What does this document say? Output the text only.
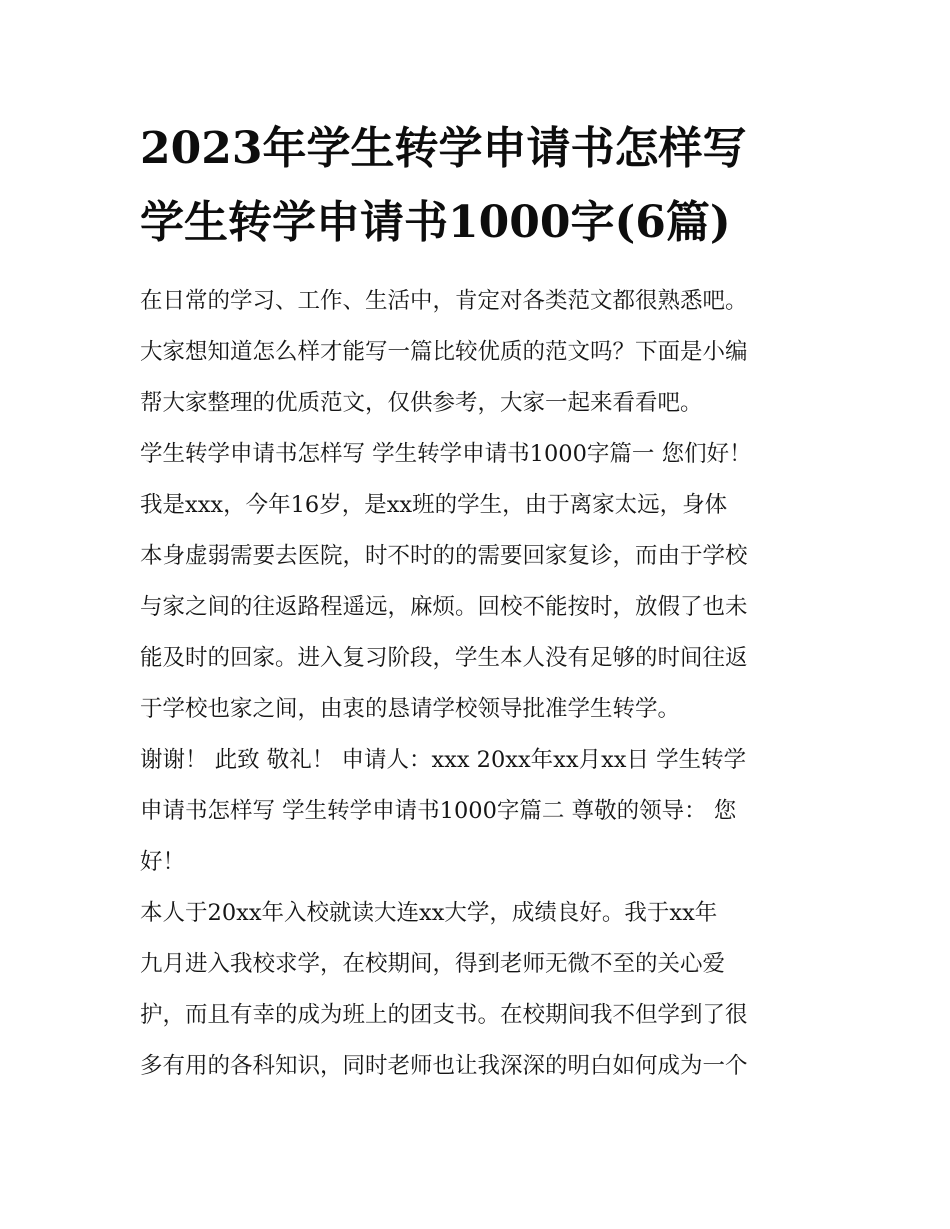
2023年学生转学申请书怎样写
学生转学申请书1000字(6篇)
在日常的学习、工作、生活中，肯定对各类范文都很熟悉吧。
大家想知道怎么样才能写一篇比较优质的范文吗？下面是小编
帮大家整理的优质范文，仅供参考，大家一起来看看吧。
学生转学申请书怎样写 学生转学申请书1000字篇一 您们好！
我是xxx，今年16岁，是xx班的学生，由于离家太远，身体
本身虚弱需要去医院，时不时的的需要回家复诊，而由于学校
与家之间的往返路程遥远，麻烦。回校不能按时，放假了也未
能及时的回家。进入复习阶段，学生本人没有足够的时间往返
于学校也家之间，由衷的恳请学校领导批准学生转学。
谢谢！ 此致 敬礼！ 申请人：xxx 20xx年xx月xx日 学生转学
申请书怎样写 学生转学申请书1000字篇二 尊敬的领导： 您
好！
本人于20xx年入校就读大连xx大学，成绩良好。我于xx年
九月进入我校求学，在校期间，得到老师无微不至的关心爱
护，而且有幸的成为班上的团支书。在校期间我不但学到了很
多有用的各科知识，同时老师也让我深深的明白如何成为一个
